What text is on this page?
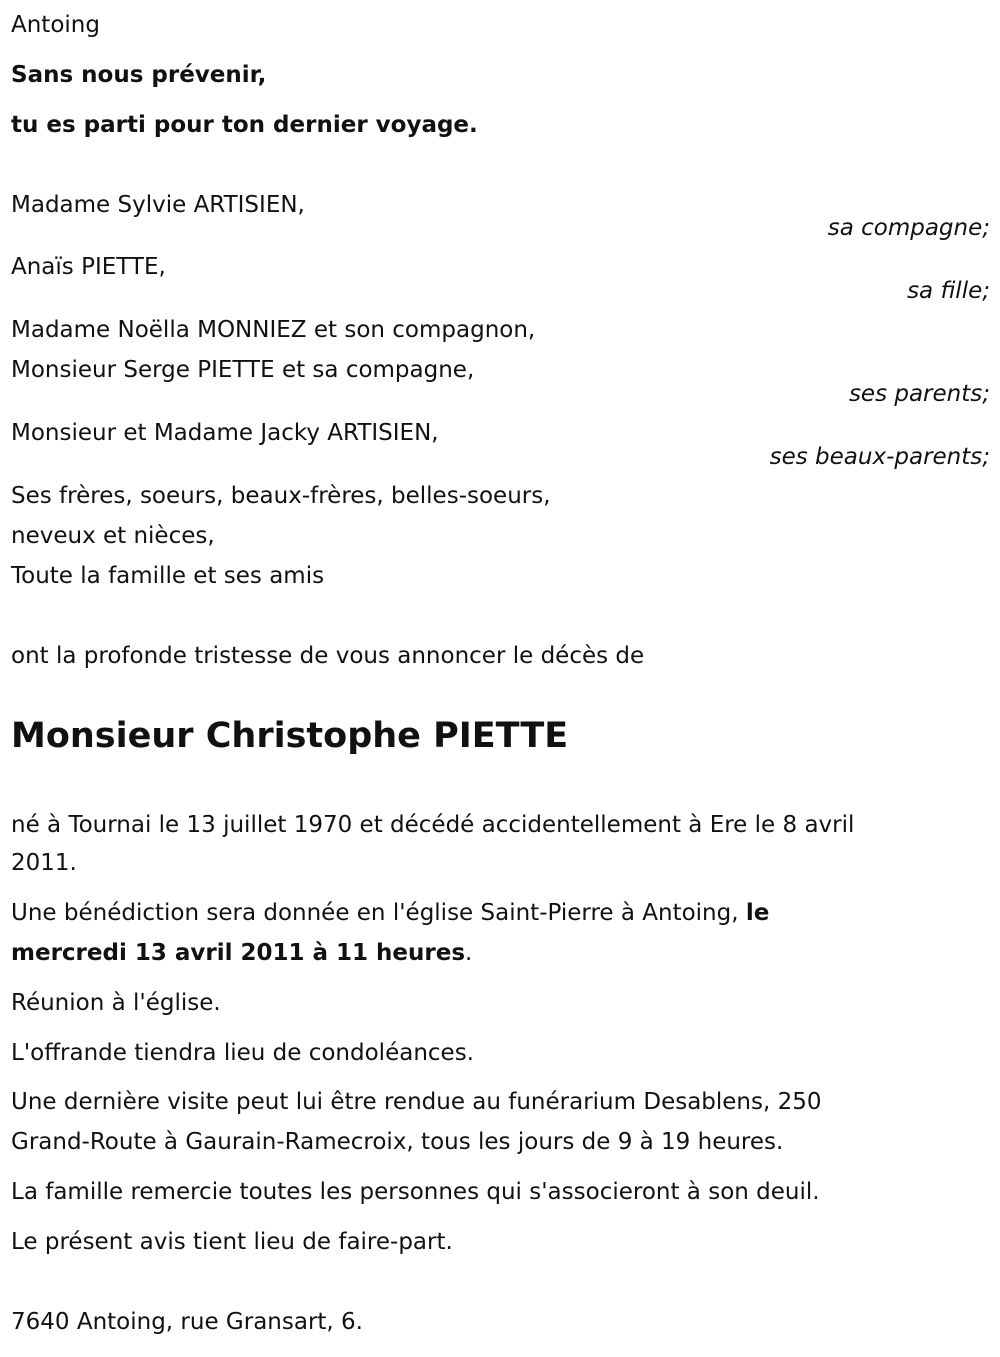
Antoing
Sans nous prévenir,
tu es parti pour ton dernier voyage.
Madame Sylvie ARTISIEN,
sa compagne;
Anaïs PIETTE,
sa fille;
Madame Noëlla MONNIEZ et son compagnon,
Monsieur Serge PIETTE et sa compagne,
ses parents;
Monsieur et Madame Jacky ARTISIEN,
ses beaux-parents;
Ses frères, soeurs, beaux-frères, belles-soeurs,
neveux et nièces,
Toute la famille et ses amis
ont la profonde tristesse de vous annoncer le décès de
Monsieur Christophe PIETTE
né à Tournai le 13 juillet 1970 et décédé accidentellement à Ere le 8 avril
2011.
Une bénédiction sera donnée en l'église Saint-Pierre à Antoing, le
mercredi 13 avril 2011 à 11 heures.
Réunion à l'église.
L'offrande tiendra lieu de condoléances.
Une dernière visite peut lui être rendue au funérarium Desablens, 250
Grand-Route à Gaurain-Ramecroix, tous les jours de 9 à 19 heures.
La famille remercie toutes les personnes qui s'associeront à son deuil.
Le présent avis tient lieu de faire-part.
7640 Antoing, rue Gransart, 6.
